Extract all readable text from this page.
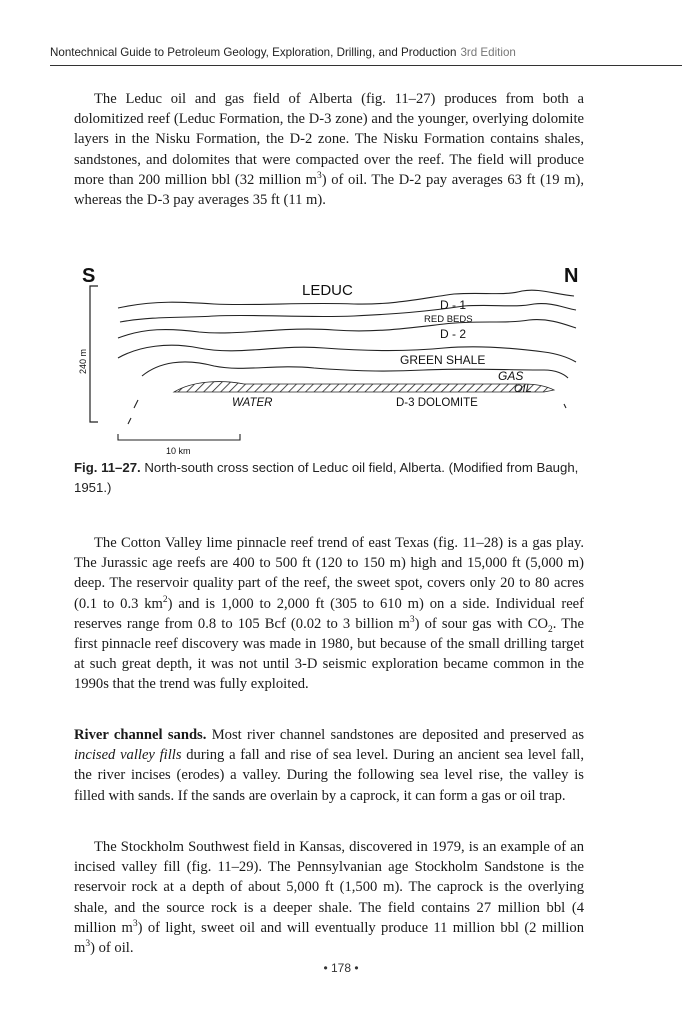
Nontechnical Guide to Petroleum Geology, Exploration, Drilling, and Production 3rd Edition

The Leduc oil and gas field of Alberta (fig. 11–27) produces from both a dolomitized reef (Leduc Formation, the D-3 zone) and the younger, overlying dolomite layers in the Nisku Formation, the D-2 zone. The Nisku Formation contains shales, sandstones, and dolomites that were compacted over the reef. The field will produce more than 200 million bbl (32 million $m^3$) of oil. The D-2 pay averages 63 ft (19 m), whereas the D-3 pay averages 35 ft (11 m).

S	N
LEDUC
240 m
D - 1
RED BEDS
D - 2
GREEN SHALE
GAS
OIL
WATER	D-3 DOLOMITE
10 km

Fig. 11–27. North-south cross section of Leduc oil field, Alberta. (Modified from Baugh, 1951.)

The Cotton Valley lime pinnacle reef trend of east Texas (fig. 11–28) is a gas play. The Jurassic age reefs are 400 to 500 ft (120 to 150 m) high and 15,000 ft (5,000 m) deep. The reservoir quality part of the reef, the sweet spot, covers only 20 to 80 acres (0.1 to 0.3 $km^2$) and is 1,000 to 2,000 ft (305 to 610 m) on a side. Individual reef reserves range from 0.8 to 105 Bcf (0.02 to 3 billion $m^3$) of sour gas with $CO_2$. The first pinnacle reef discovery was made in 1980, but because of the small drilling target at such great depth, it was not until 3-D seismic exploration became common in the 1990s that the trend was fully exploited.

River channel sands. Most river channel sandstones are deposited and preserved as incised valley fills during a fall and rise of sea level. During an ancient sea level fall, the river incises (erodes) a valley. During the following sea level rise, the valley is filled with sands. If the sands are overlain by a caprock, it can form a gas or oil trap.

The Stockholm Southwest field in Kansas, discovered in 1979, is an example of an incised valley fill (fig. 11–29). The Pennsylvanian age Stockholm Sandstone is the reservoir rock at a depth of about 5,000 ft (1,500 m). The caprock is the overlying shale, and the source rock is a deeper shale. The field contains 27 million bbl (4 million $m^3$) of light, sweet oil and will eventually produce 11 million bbl (2 million $m^3$) of oil.

• 178 •
